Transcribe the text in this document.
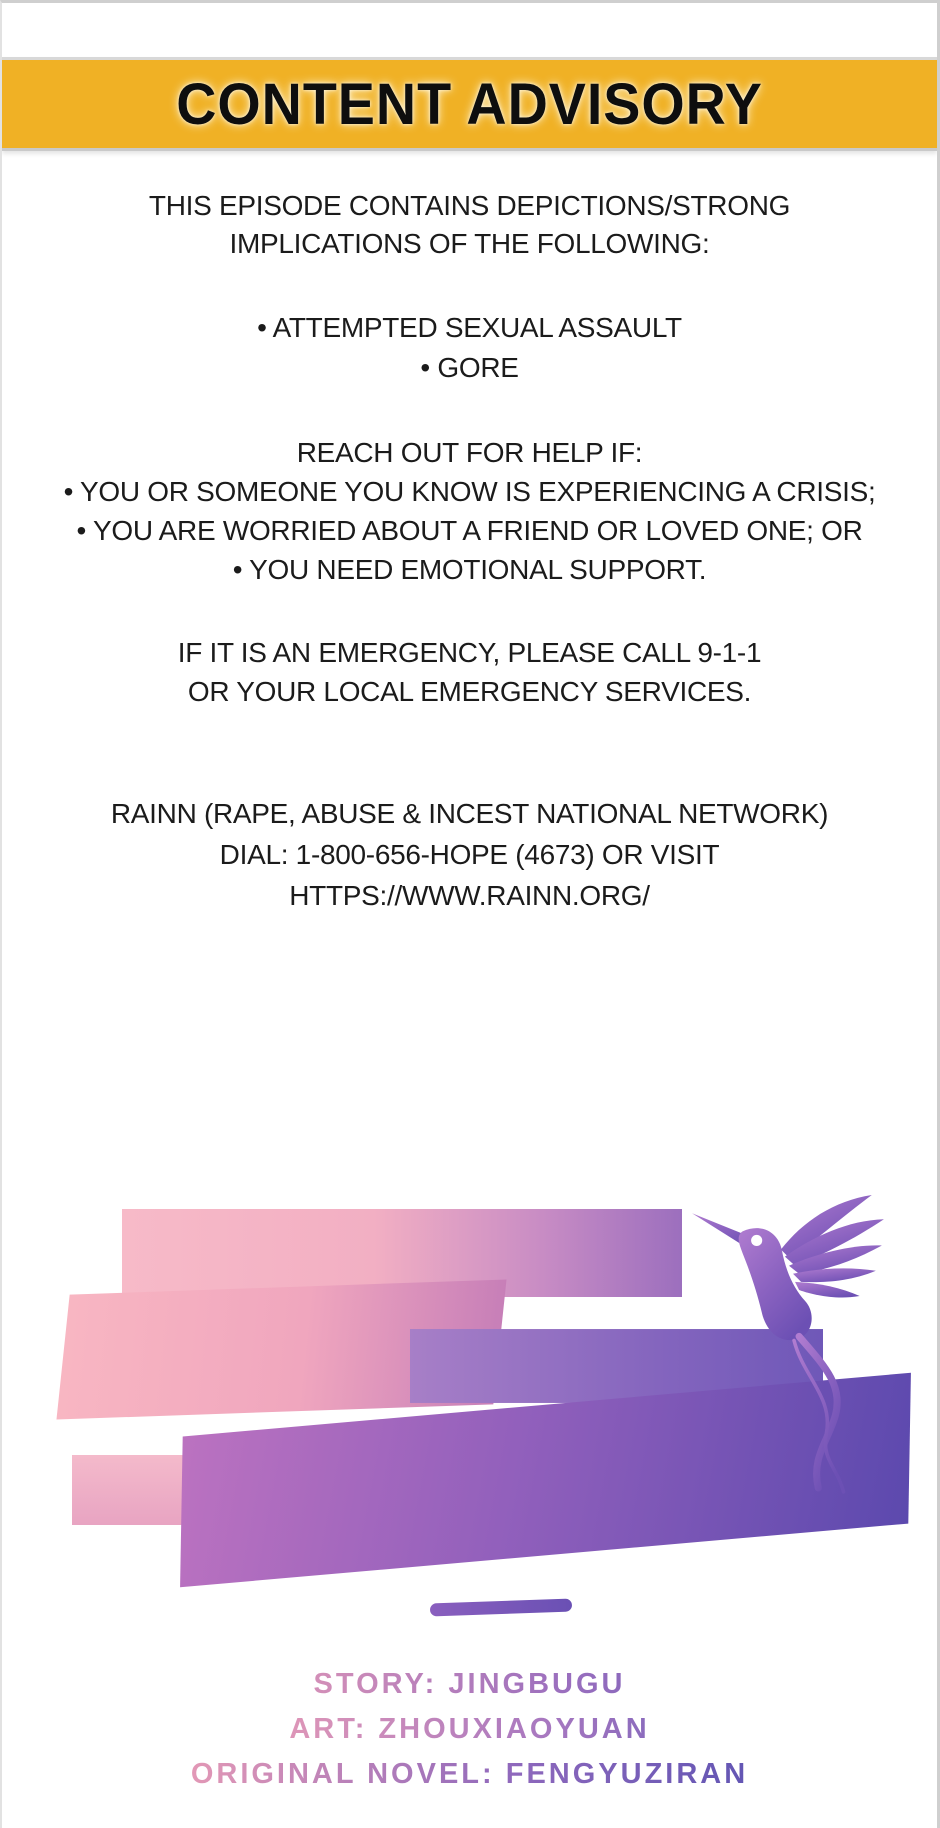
CONTENT ADVISORY
THIS EPISODE CONTAINS DEPICTIONS/STRONG
IMPLICATIONS OF THE FOLLOWING:
• ATTEMPTED SEXUAL ASSAULT
• GORE
REACH OUT FOR HELP IF:
• YOU OR SOMEONE YOU KNOW IS EXPERIENCING A CRISIS;
• YOU ARE WORRIED ABOUT A FRIEND OR LOVED ONE; OR
• YOU NEED EMOTIONAL SUPPORT.
IF IT IS AN EMERGENCY, PLEASE CALL 9-1-1
OR YOUR LOCAL EMERGENCY SERVICES.
RAINN (RAPE, ABUSE & INCEST NATIONAL NETWORK)
DIAL: 1-800-656-HOPE (4673) OR VISIT
HTTPS://WWW.RAINN.ORG/
STORY: JINGBUGU
ART: ZHOUXIAOYUAN
ORIGINAL NOVEL: FENGYUZIRAN
